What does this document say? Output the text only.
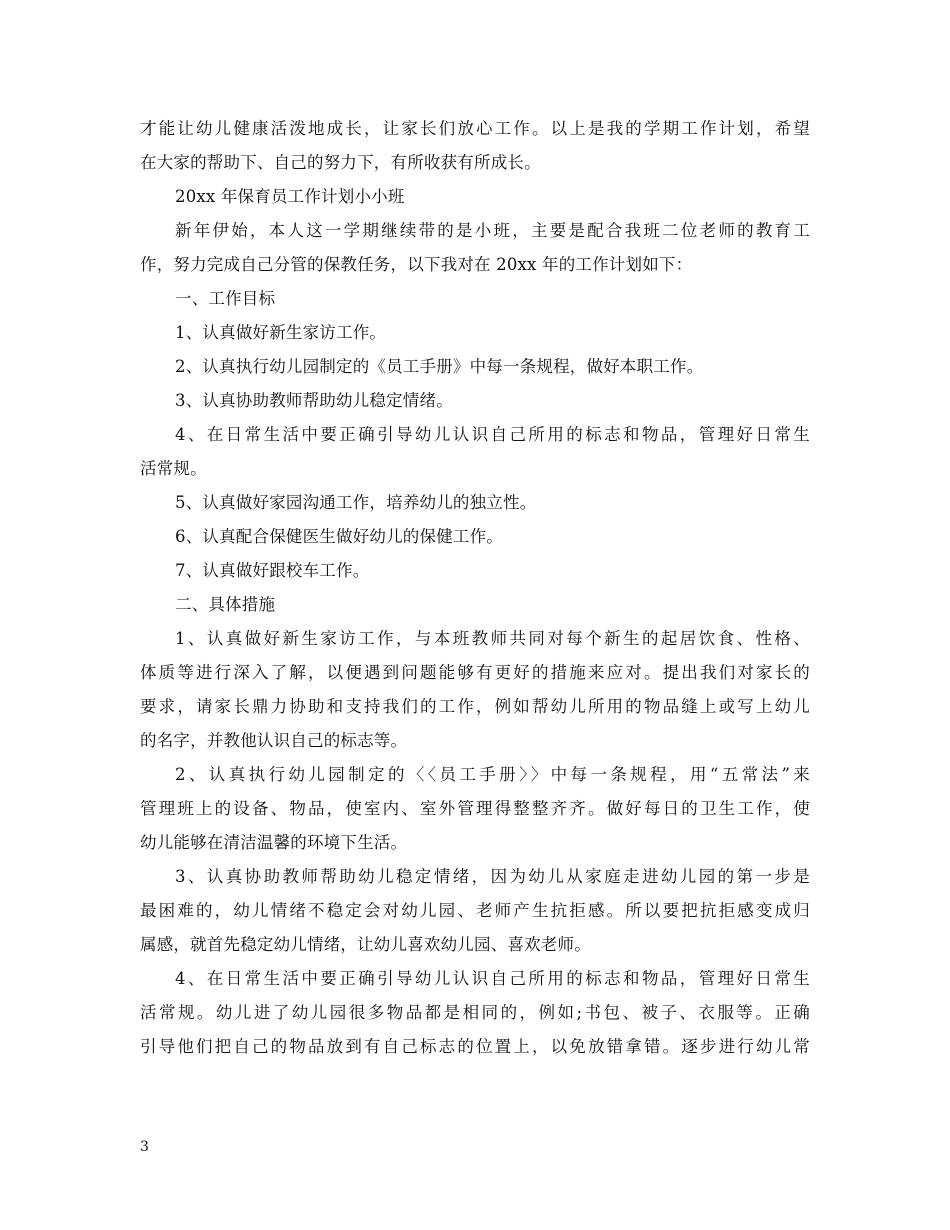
才能让幼儿健康活泼地成长，让家长们放心工作。以上是我的学期工作计划，希望
在大家的帮助下、自己的努力下，有所收获有所成长。
20xx 年保育员工作计划小小班
新年伊始，本人这一学期继续带的是小班，主要是配合我班二位老师的教育工
作，努力完成自己分管的保教任务，以下我对在 20xx 年的工作计划如下：
一、工作目标
1、认真做好新生家访工作。
2、认真执行幼儿园制定的《员工手册》中每一条规程，做好本职工作。
3、认真协助教师帮助幼儿稳定情绪。
4、在日常生活中要正确引导幼儿认识自己所用的标志和物品，管理好日常生
活常规。
5、认真做好家园沟通工作，培养幼儿的独立性。
6、认真配合保健医生做好幼儿的保健工作。
7、认真做好跟校车工作。
二、具体措施
1、认真做好新生家访工作，与本班教师共同对每个新生的起居饮食、性格、
体质等进行深入了解，以便遇到问题能够有更好的措施来应对。提出我们对家长的
要求，请家长鼎力协助和支持我们的工作，例如帮幼儿所用的物品缝上或写上幼儿
的名字，并教他认识自己的标志等。
2、认真执行幼儿园制定的〈〈员工手册〉〉中每一条规程，用“五常法”来
管理班上的设备、物品，使室内、室外管理得整整齐齐。做好每日的卫生工作，使
幼儿能够在清洁温馨的环境下生活。
3、认真协助教师帮助幼儿稳定情绪，因为幼儿从家庭走进幼儿园的第一步是
最困难的，幼儿情绪不稳定会对幼儿园、老师产生抗拒感。所以要把抗拒感变成归
属感，就首先稳定幼儿情绪，让幼儿喜欢幼儿园、喜欢老师。
4、在日常生活中要正确引导幼儿认识自己所用的标志和物品，管理好日常生
活常规。幼儿进了幼儿园很多物品都是相同的，例如;书包、被子、衣服等。正确
引导他们把自己的物品放到有自己标志的位置上，以免放错拿错。逐步进行幼儿常
3
